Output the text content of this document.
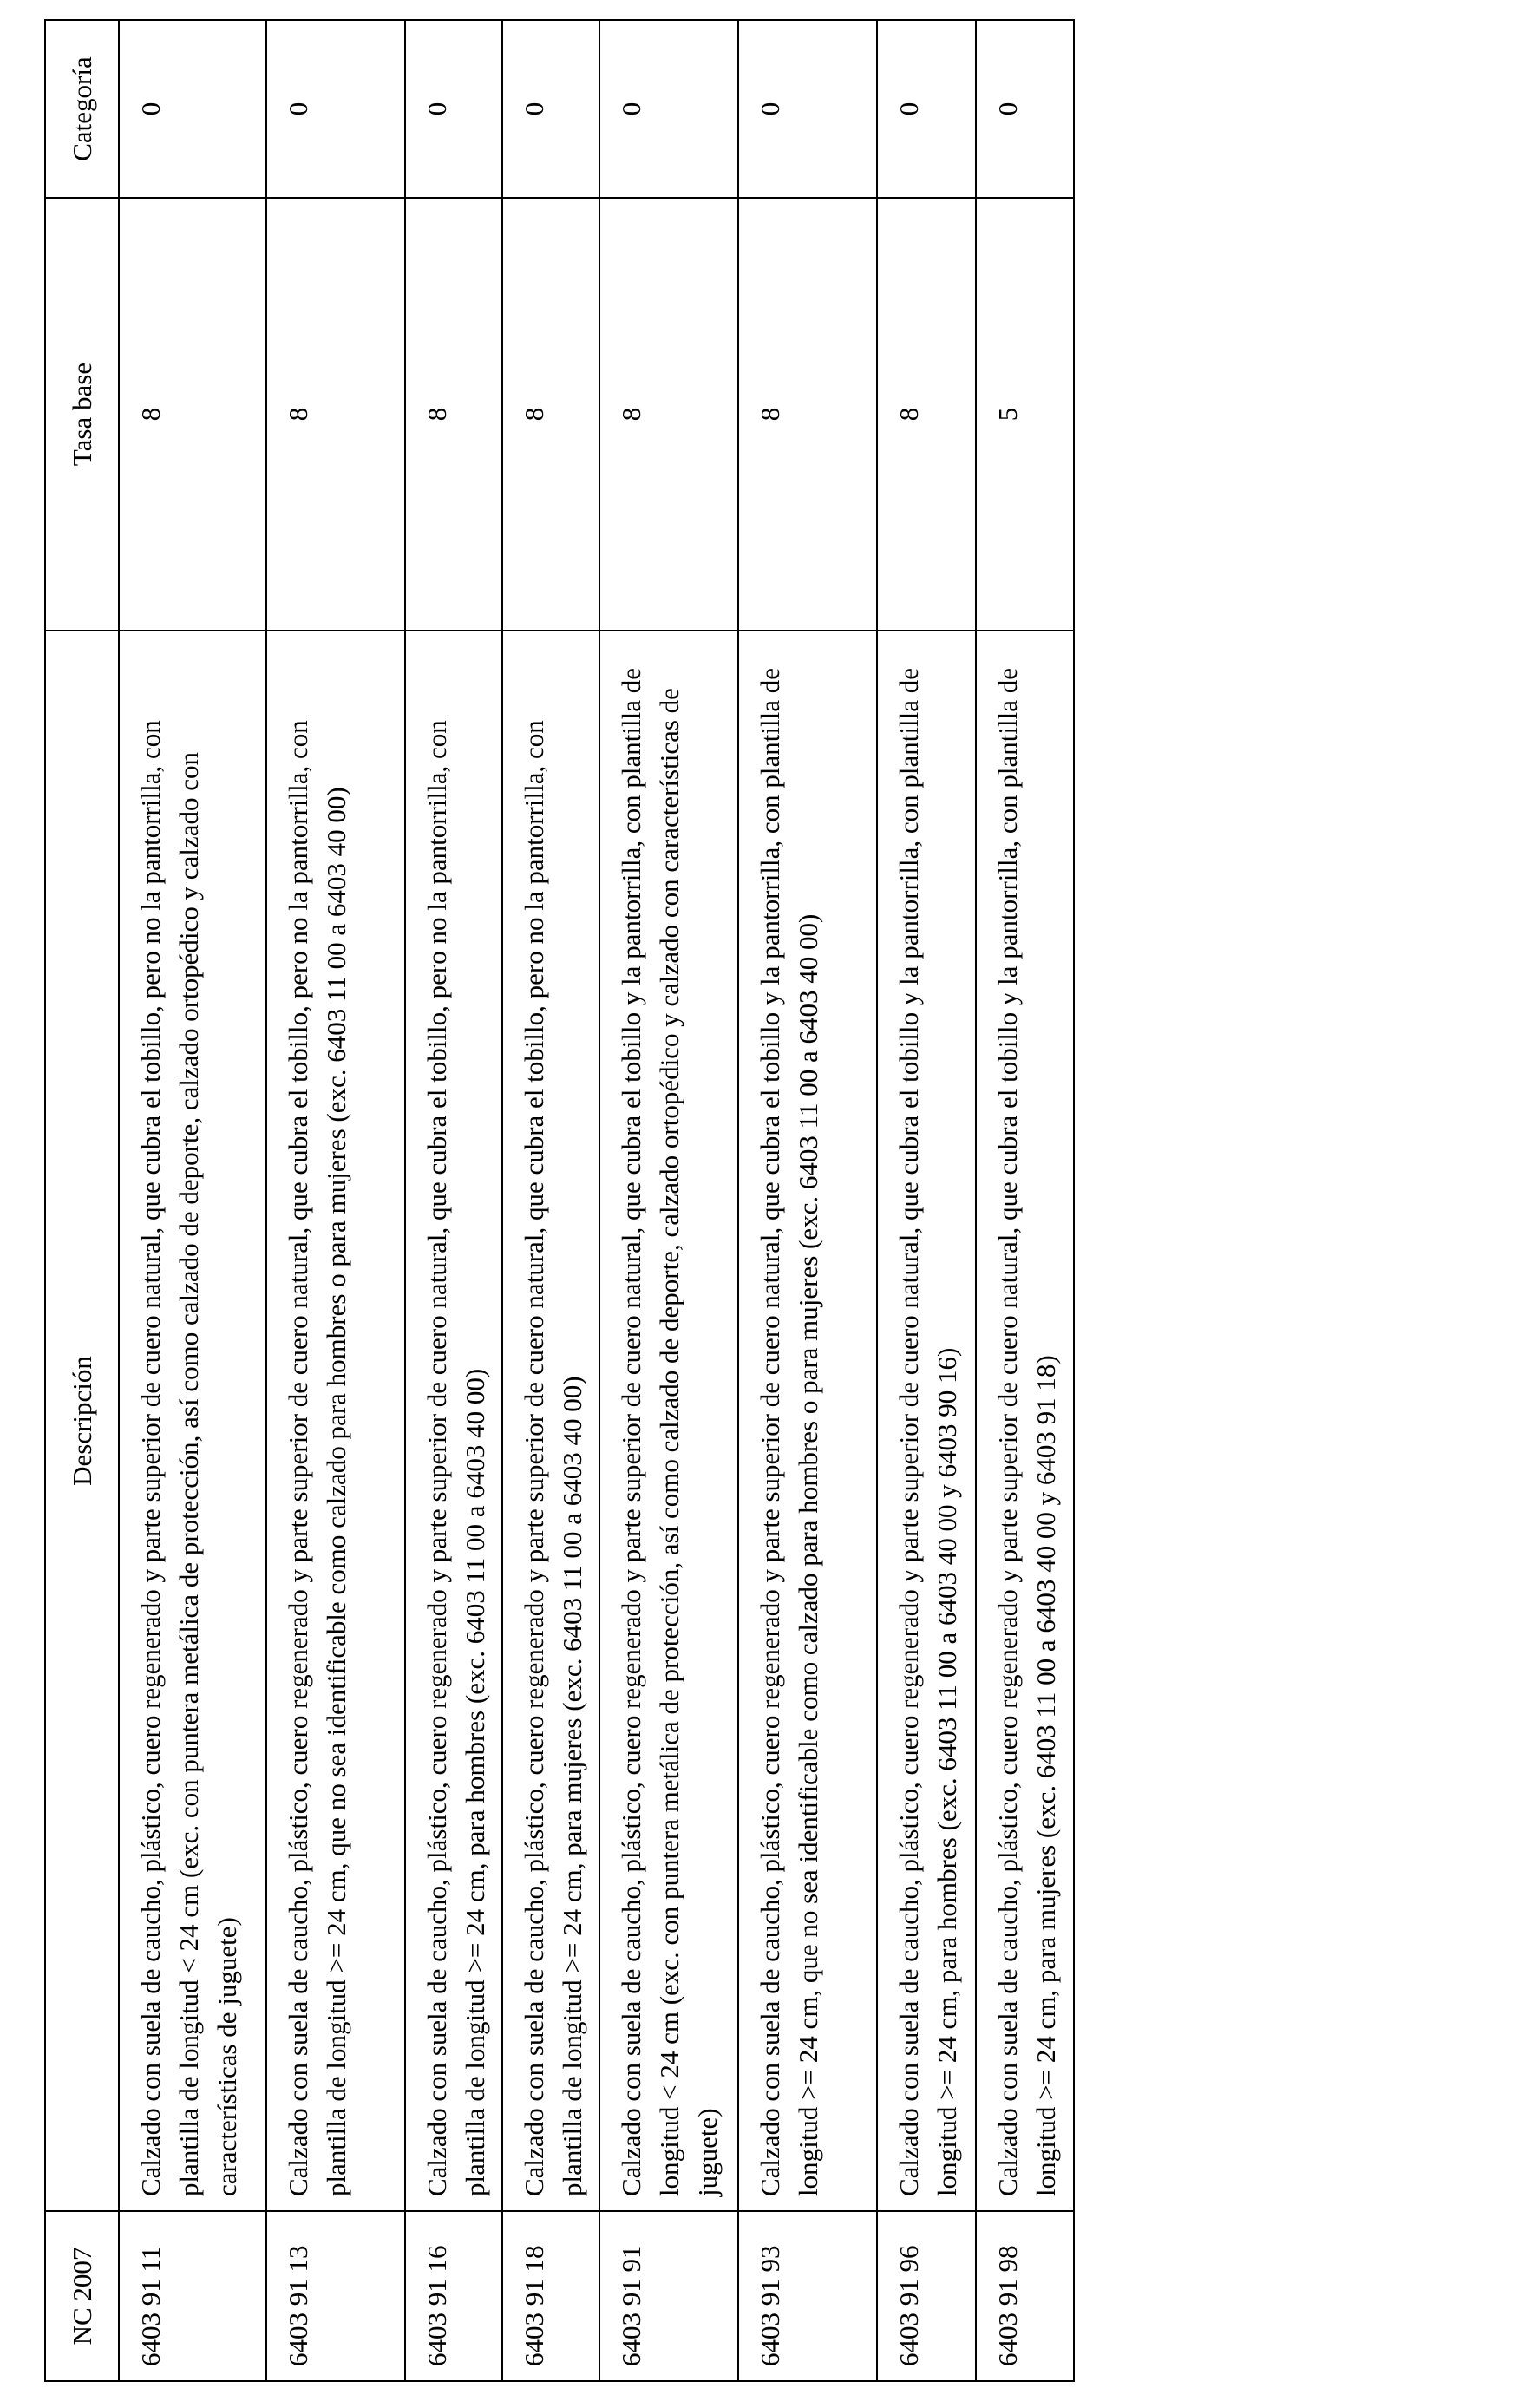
NC 2007	Descripción	Tasa base	Categoría
6403 91 11	Calzado con suela de caucho, plástico, cuero regenerado y parte superior de cuero natural, que cubra el tobillo, pero no la pantorrilla, con plantilla de longitud < 24 cm (exc. con puntera metálica de protección, así como calzado de deporte, calzado ortopédico y calzado con características de juguete)	8	0
6403 91 13	Calzado con suela de caucho, plástico, cuero regenerado y parte superior de cuero natural, que cubra el tobillo, pero no la pantorrilla, con plantilla de longitud >= 24 cm, que no sea identificable como calzado para hombres o para mujeres (exc. 6403 11 00 a 6403 40 00)	8	0
6403 91 16	Calzado con suela de caucho, plástico, cuero regenerado y parte superior de cuero natural, que cubra el tobillo, pero no la pantorrilla, con plantilla de longitud >= 24 cm, para hombres (exc. 6403 11 00 a 6403 40 00)	8	0
6403 91 18	Calzado con suela de caucho, plástico, cuero regenerado y parte superior de cuero natural, que cubra el tobillo, pero no la pantorrilla, con plantilla de longitud >= 24 cm, para mujeres (exc. 6403 11 00 a 6403 40 00)	8	0
6403 91 91	Calzado con suela de caucho, plástico, cuero regenerado y parte superior de cuero natural, que cubra el tobillo y la pantorrilla, con plantilla de longitud < 24 cm (exc. con puntera metálica de protección, así como calzado de deporte, calzado ortopédico y calzado con características de juguete)	8	0
6403 91 93	Calzado con suela de caucho, plástico, cuero regenerado y parte superior de cuero natural, que cubra el tobillo y la pantorrilla, con plantilla de longitud >= 24 cm, que no sea identificable como calzado para hombres o para mujeres (exc. 6403 11 00 a 6403 40 00)	8	0
6403 91 96	Calzado con suela de caucho, plástico, cuero regenerado y parte superior de cuero natural, que cubra el tobillo y la pantorrilla, con plantilla de longitud >= 24 cm, para hombres (exc. 6403 11 00 a 6403 40 00 y 6403 90 16)	8	0
6403 91 98	Calzado con suela de caucho, plástico, cuero regenerado y parte superior de cuero natural, que cubra el tobillo y la pantorrilla, con plantilla de longitud >= 24 cm, para mujeres (exc. 6403 11 00 a 6403 40 00 y 6403 91 18)	5	0
